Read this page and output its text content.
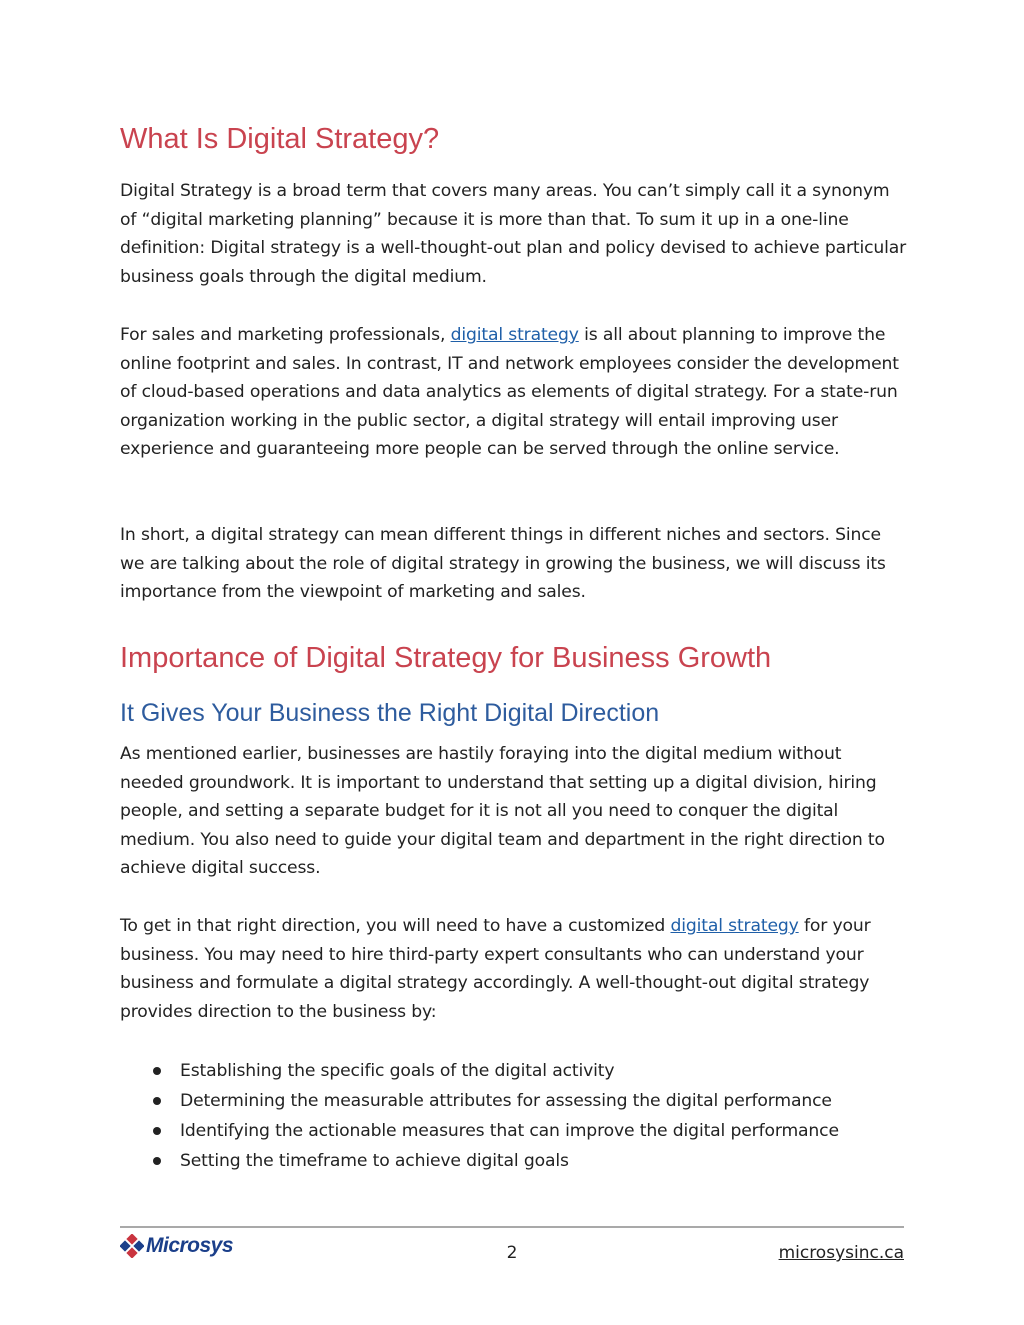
What Is Digital Strategy?

Digital Strategy is a broad term that covers many areas. You can’t simply call it a synonym of “digital marketing planning” because it is more than that. To sum it up in a one-line definition: Digital strategy is a well-thought-out plan and policy devised to achieve particular business goals through the digital medium.

For sales and marketing professionals, digital strategy is all about planning to improve the online footprint and sales. In contrast, IT and network employees consider the development of cloud-based operations and data analytics as elements of digital strategy. For a state-run organization working in the public sector, a digital strategy will entail improving user experience and guaranteeing more people can be served through the online service.

In short, a digital strategy can mean different things in different niches and sectors. Since we are talking about the role of digital strategy in growing the business, we will discuss its importance from the viewpoint of marketing and sales.

Importance of Digital Strategy for Business Growth
It Gives Your Business the Right Digital Direction

As mentioned earlier, businesses are hastily foraying into the digital medium without needed groundwork. It is important to understand that setting up a digital division, hiring people, and setting a separate budget for it is not all you need to conquer the digital medium. You also need to guide your digital team and department in the right direction to achieve digital success.

To get in that right direction, you will need to have a customized digital strategy for your business. You may need to hire third-party expert consultants who can understand your business and formulate a digital strategy accordingly. A well-thought-out digital strategy provides direction to the business by:

Establishing the specific goals of the digital activity
Determining the measurable attributes for assessing the digital performance
Identifying the actionable measures that can improve the digital performance
Setting the timeframe to achieve digital goals
Microsys	2	microsysinc.ca
